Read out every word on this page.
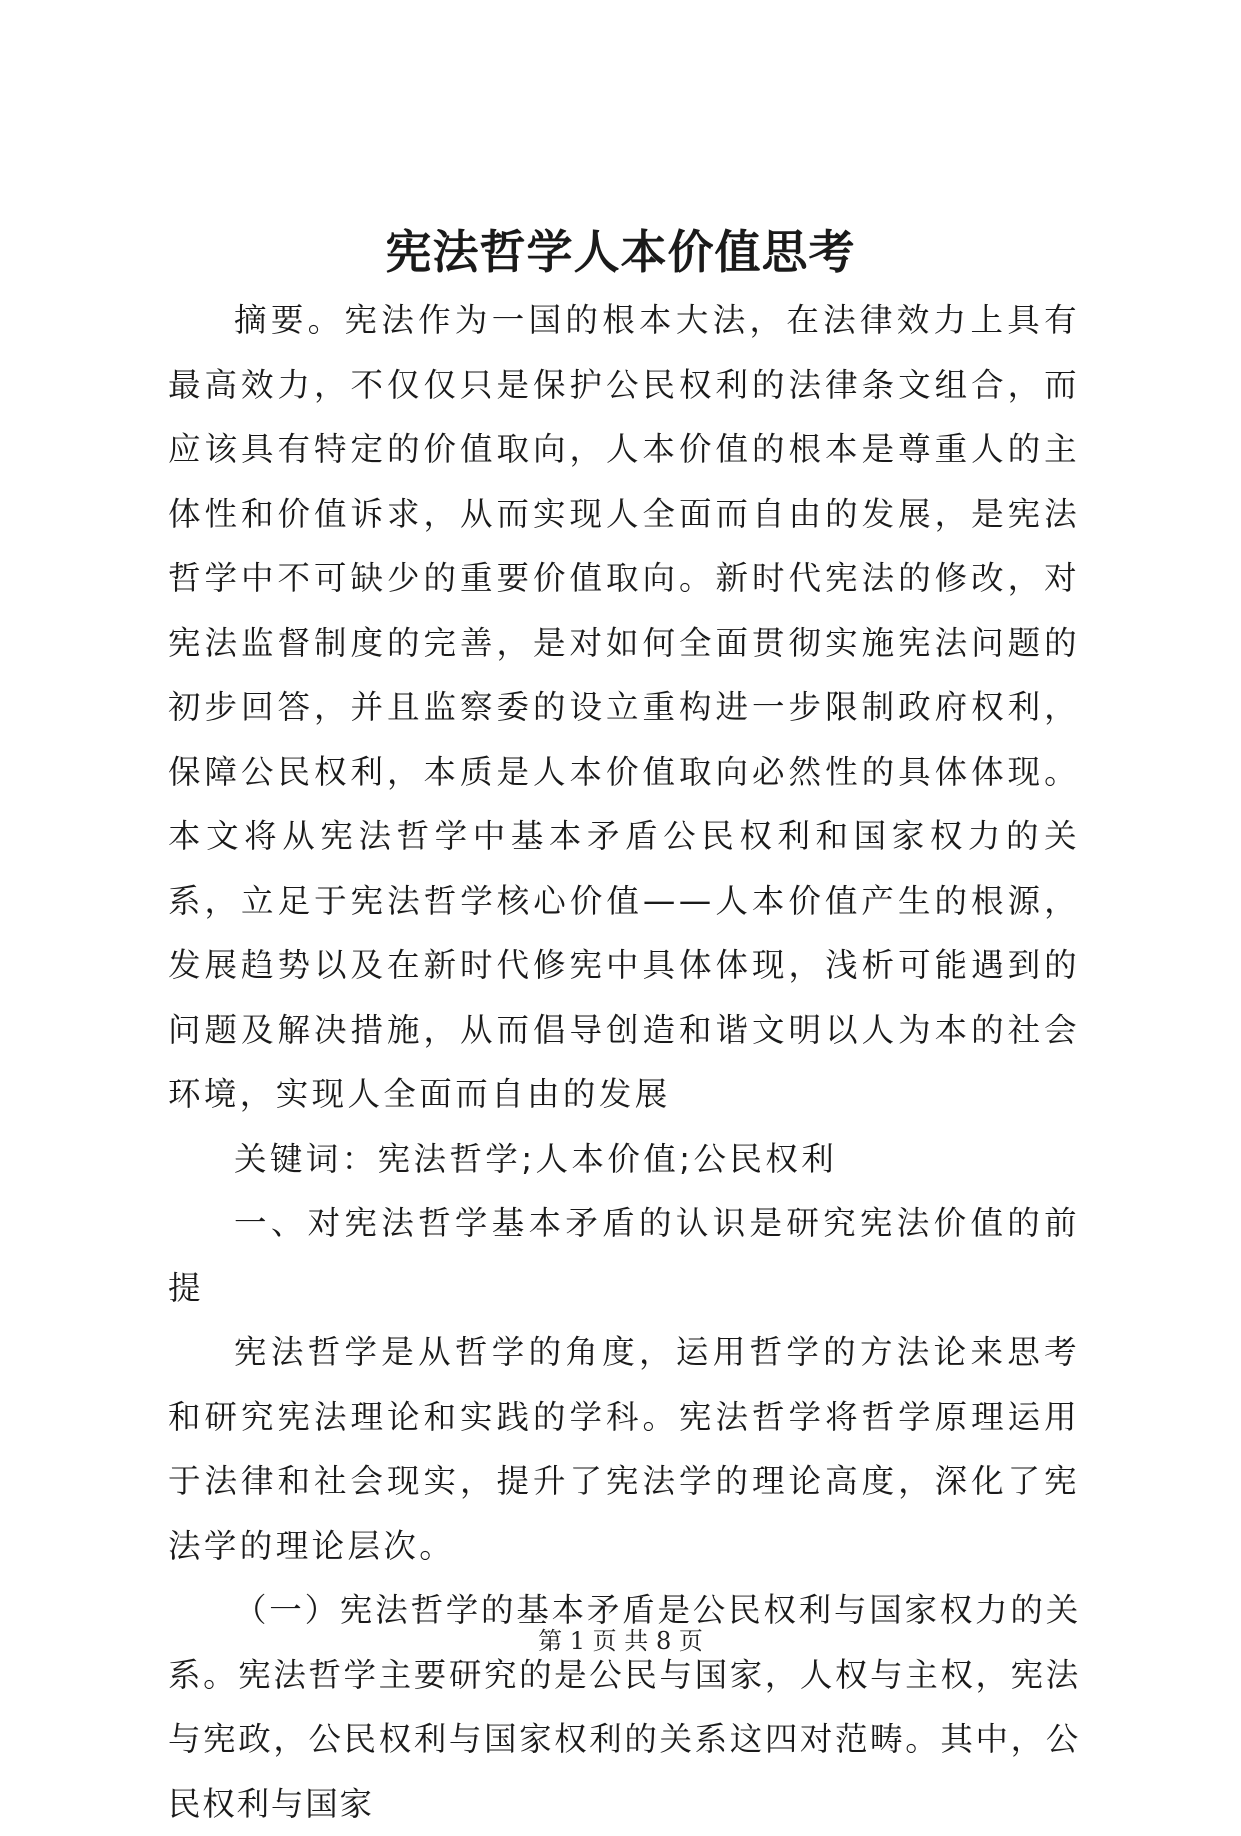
宪法哲学人本价值思考

摘要。宪法作为一国的根本大法，在法律效力上具有最高效力，不仅仅只是保护公民权利的法律条文组合，而应该具有特定的价值取向，人本价值的根本是尊重人的主体性和价值诉求，从而实现人全面而自由的发展，是宪法哲学中不可缺少的重要价值取向。新时代宪法的修改，对宪法监督制度的完善，是对如何全面贯彻实施宪法问题的初步回答，并且监察委的设立重构进一步限制政府权利，保障公民权利，本质是人本价值取向必然性的具体体现。本文将从宪法哲学中基本矛盾公民权利和国家权力的关系，立足于宪法哲学核心价值——人本价值产生的根源，发展趋势以及在新时代修宪中具体体现，浅析可能遇到的问题及解决措施，从而倡导创造和谐文明以人为本的社会环境，实现人全面而自由的发展

关键词：宪法哲学;人本价值;公民权利

一、对宪法哲学基本矛盾的认识是研究宪法价值的前提

宪法哲学是从哲学的角度，运用哲学的方法论来思考和研究宪法理论和实践的学科。宪法哲学将哲学原理运用于法律和社会现实，提升了宪法学的理论高度，深化了宪法学的理论层次。

（一）宪法哲学的基本矛盾是公民权利与国家权力的关系。宪法哲学主要研究的是公民与国家，人权与主权，宪法与宪政，公民权利与国家权利的关系这四对范畴。其中，公民权利与国家

第 1 页 共 8 页
